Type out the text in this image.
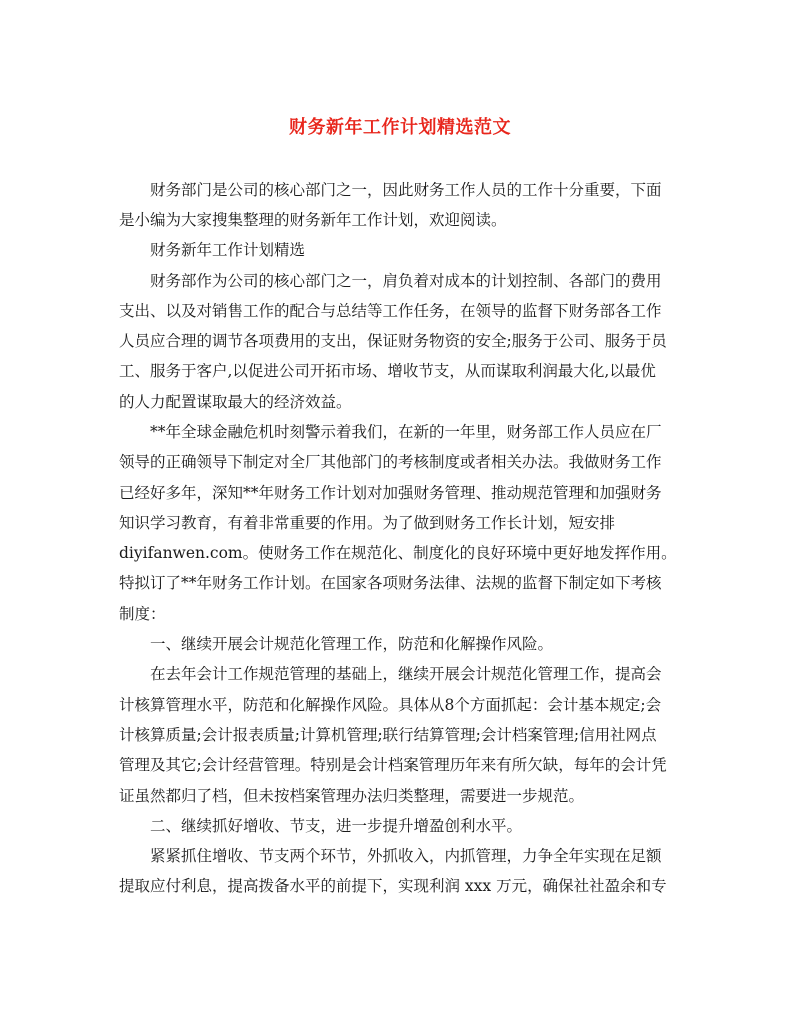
财务新年工作计划精选范文
财务部门是公司的核心部门之一，因此财务工作人员的工作十分重要，下面
是小编为大家搜集整理的财务新年工作计划，欢迎阅读。
财务新年工作计划精选
财务部作为公司的核心部门之一，肩负着对成本的计划控制、各部门的费用
支出、以及对销售工作的配合与总结等工作任务，在领导的监督下财务部各工作
人员应合理的调节各项费用的支出，保证财务物资的安全;服务于公司、服务于员
工、服务于客户,以促进公司开拓市场、增收节支，从而谋取利润最大化,以最优
的人力配置谋取最大的经济效益。
**年全球金融危机时刻警示着我们，在新的一年里，财务部工作人员应在厂
领导的正确领导下制定对全厂其他部门的考核制度或者相关办法。我做财务工作
已经好多年，深知**年财务工作计划对加强财务管理、推动规范管理和加强财务
知识学习教育，有着非常重要的作用。为了做到财务工作长计划，短安排
diyifanwen.com。使财务工作在规范化、制度化的良好环境中更好地发挥作用。
特拟订了**年财务工作计划。在国家各项财务法律、法规的监督下制定如下考核
制度：
一、继续开展会计规范化管理工作，防范和化解操作风险。
在去年会计工作规范管理的基础上，继续开展会计规范化管理工作，提高会
计核算管理水平，防范和化解操作风险。具体从8个方面抓起：会计基本规定;会
计核算质量;会计报表质量;计算机管理;联行结算管理;会计档案管理;信用社网点
管理及其它;会计经营管理。特别是会计档案管理历年来有所欠缺，每年的会计凭
证虽然都归了档，但未按档案管理办法归类整理，需要进一步规范。
二、继续抓好增收、节支，进一步提升增盈创利水平。
紧紧抓住增收、节支两个环节，外抓收入，内抓管理，力争全年实现在足额
提取应付利息，提高拨备水平的前提下，实现利润 xxx 万元，确保社社盈余和专
